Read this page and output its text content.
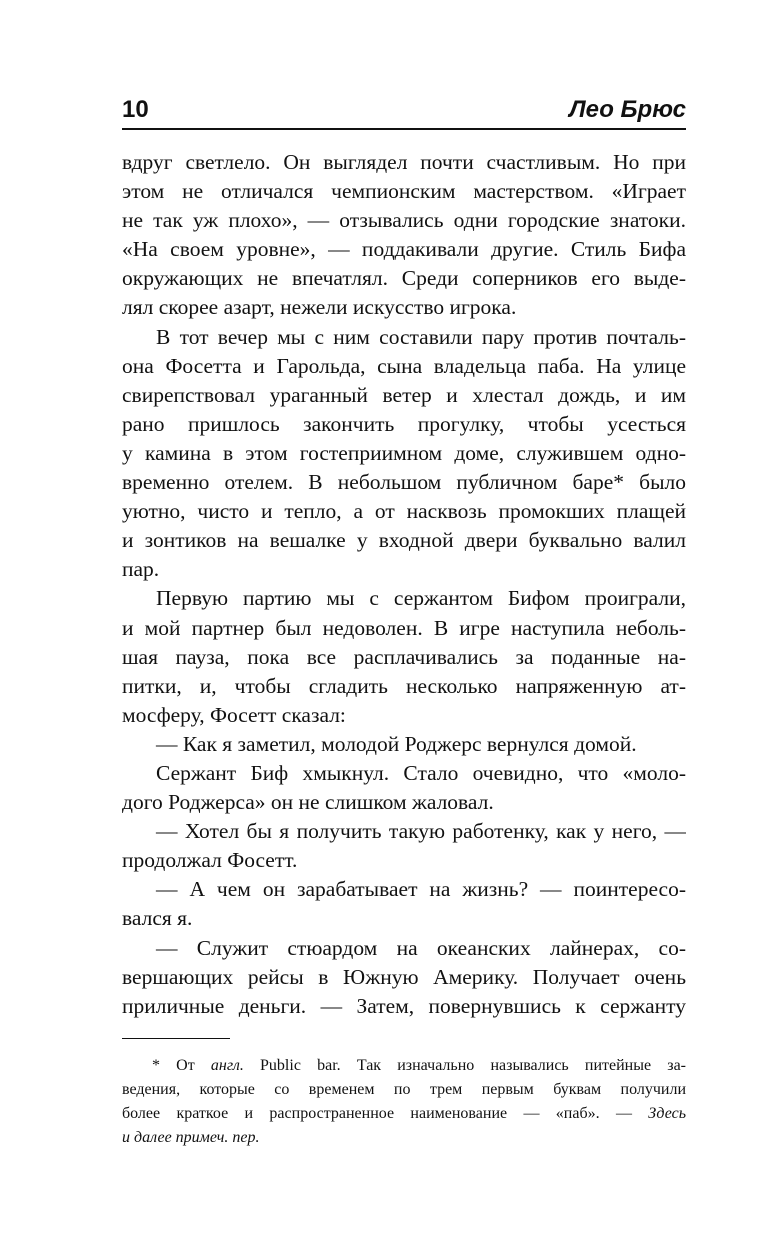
10	Лео Брюс
вдруг светлело. Он выглядел почти счастливым. Но при
этом не отличался чемпионским мастерством. «Играет
не так уж плохо», — отзывались одни городские знатоки.
«На своем уровне», — поддакивали другие. Стиль Бифа
окружающих не впечатлял. Среди соперников его выде-
лял скорее азарт, нежели искусство игрока.
В тот вечер мы с ним составили пару против почталь-
она Фосетта и Гарольда, сына владельца паба. На улице
свирепствовал ураганный ветер и хлестал дождь, и им
рано пришлось закончить прогулку, чтобы усесться
у камина в этом гостеприимном доме, служившем одно-
временно отелем. В небольшом публичном баре* было
уютно, чисто и тепло, а от насквозь промокших плащей
и зонтиков на вешалке у входной двери буквально валил
пар.
Первую партию мы с сержантом Бифом проиграли,
и мой партнер был недоволен. В игре наступила неболь-
шая пауза, пока все расплачивались за поданные на-
питки, и, чтобы сгладить несколько напряженную ат-
мосферу, Фосетт сказал:
— Как я заметил, молодой Роджерс вернулся домой.
Сержант Биф хмыкнул. Стало очевидно, что «моло-
дого Роджерса» он не слишком жаловал.
— Хотел бы я получить такую работенку, как у него, —
продолжал Фосетт.
— А чем он зарабатывает на жизнь? — поинтересо-
вался я.
— Служит стюардом на океанских лайнерах, со-
вершающих рейсы в Южную Америку. Получает очень
приличные деньги. — Затем, повернувшись к сержанту
* От англ. Public bar. Так изначально назывались питейные за-
ведения, которые со временем по трем первым буквам получили
более краткое и распространенное наименование — «паб». — Здесь
и далее примеч. пер.
